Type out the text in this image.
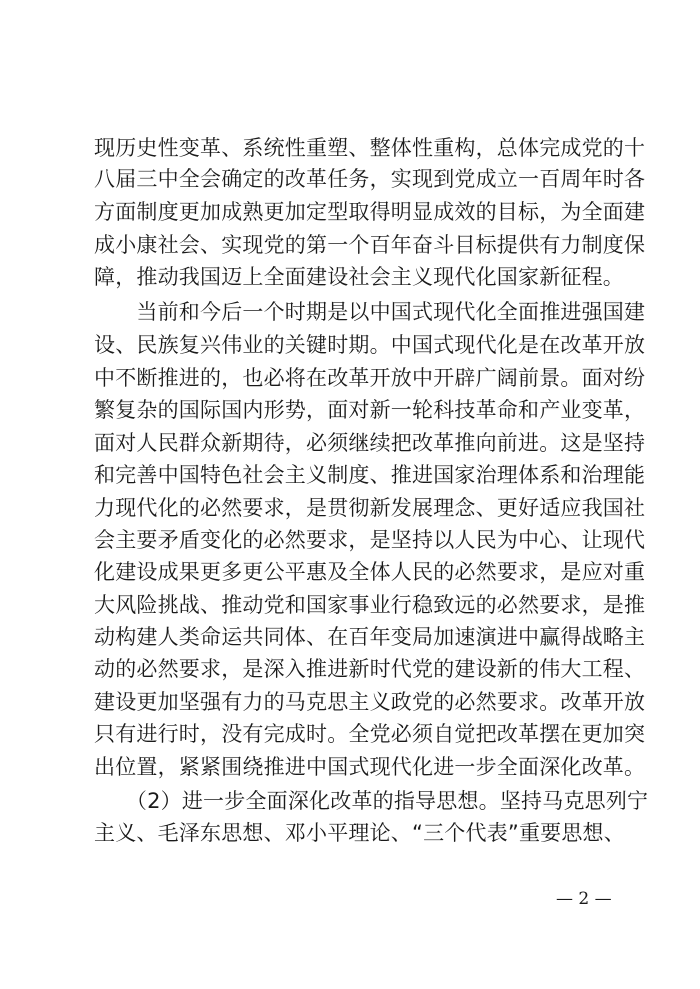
现历史性变革、系统性重塑、整体性重构，总体完成党的十
八届三中全会确定的改革任务，实现到党成立一百周年时各
方面制度更加成熟更加定型取得明显成效的目标，为全面建
成小康社会、实现党的第一个百年奋斗目标提供有力制度保
障，推动我国迈上全面建设社会主义现代化国家新征程。
　　当前和今后一个时期是以中国式现代化全面推进强国建
设、民族复兴伟业的关键时期。中国式现代化是在改革开放
中不断推进的，也必将在改革开放中开辟广阔前景。面对纷
繁复杂的国际国内形势，面对新一轮科技革命和产业变革，
面对人民群众新期待，必须继续把改革推向前进。这是坚持
和完善中国特色社会主义制度、推进国家治理体系和治理能
力现代化的必然要求，是贯彻新发展理念、更好适应我国社
会主要矛盾变化的必然要求，是坚持以人民为中心、让现代
化建设成果更多更公平惠及全体人民的必然要求，是应对重
大风险挑战、推动党和国家事业行稳致远的必然要求，是推
动构建人类命运共同体、在百年变局加速演进中赢得战略主
动的必然要求，是深入推进新时代党的建设新的伟大工程、
建设更加坚强有力的马克思主义政党的必然要求。改革开放
只有进行时，没有完成时。全党必须自觉把改革摆在更加突
出位置，紧紧围绕推进中国式现代化进一步全面深化改革。
　　（2）进一步全面深化改革的指导思想。坚持马克思列宁
主义、毛泽东思想、邓小平理论、“三个代表”重要思想、
— 2 —
